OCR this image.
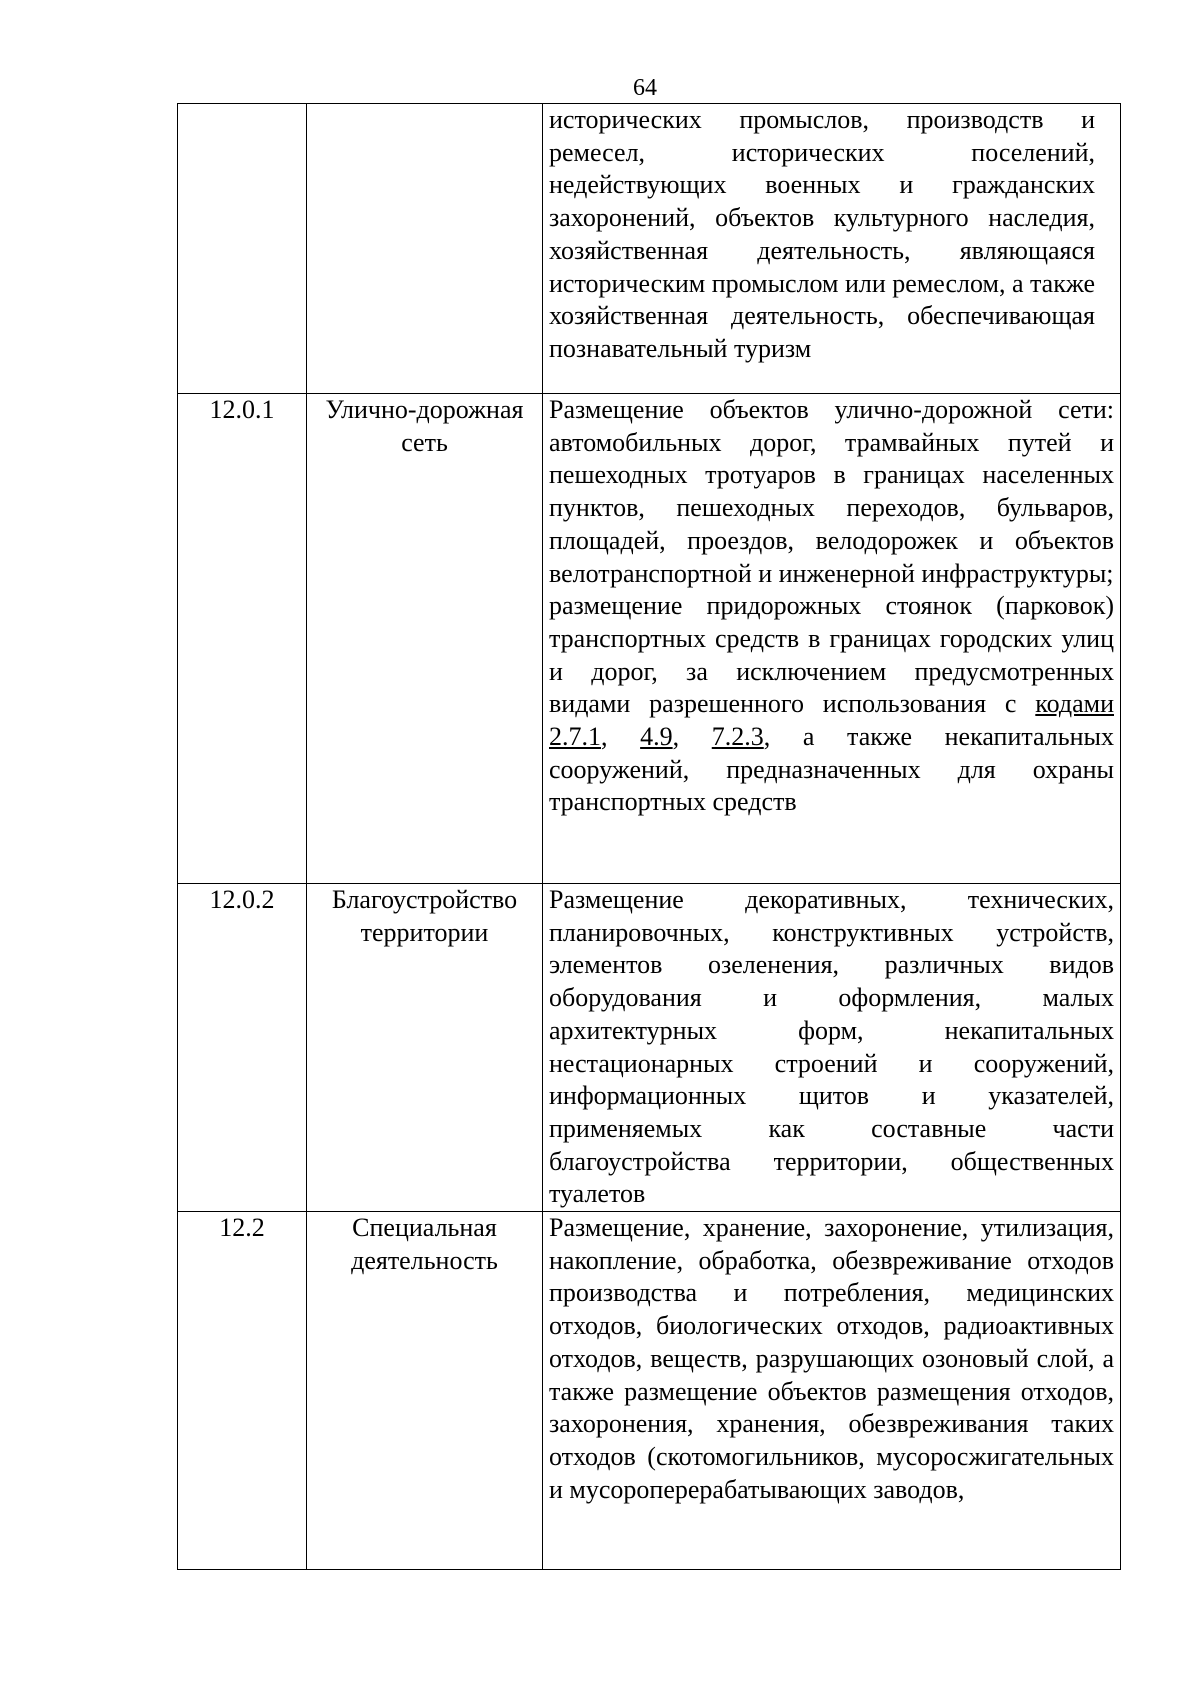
64
		исторических промыслов, производств и ремесел, исторических поселений, недействующих военных и гражданских захоронений, объектов культурного наследия, хозяйственная деятельность, являющаяся историческим промыслом или ремеслом, а также хозяйственная деятельность, обеспечивающая познавательный туризм
12.0.1	Улично-дорожная сеть	Размещение объектов улично-дорожной сети: автомобильных дорог, трамвайных путей и пешеходных тротуаров в границах населенных пунктов, пешеходных переходов, бульваров, площадей, проездов, велодорожек и объектов велотранспортной и инженерной инфраструктуры;
размещение придорожных стоянок (парковок) транспортных средств в границах городских улиц и дорог, за исключением предусмотренных видами разрешенного использования с кодами 2.7.1, 4.9, 7.2.3, а также некапитальных сооружений, предназначенных для охраны транспортных средств

12.0.2	Благоустройство территории	Размещение декоративных, технических, планировочных, конструктивных устройств, элементов озеленения, различных видов оборудования и оформления, малых архитектурных форм, некапитальных нестационарных строений и сооружений, информационных щитов и указателей, применяемых как составные части благоустройства территории, общественных туалетов
12.2	Специальная деятельность	Размещение, хранение, захоронение, утилизация, накопление, обработка, обезвреживание отходов производства и потребления, медицинских отходов, биологических отходов, радиоактивных отходов, веществ, разрушающих озоновый слой, а также размещение объектов размещения отходов, захоронения, хранения, обезвреживания таких отходов (скотомогильников, мусоросжигательных и мусороперерабатывающих заводов,
